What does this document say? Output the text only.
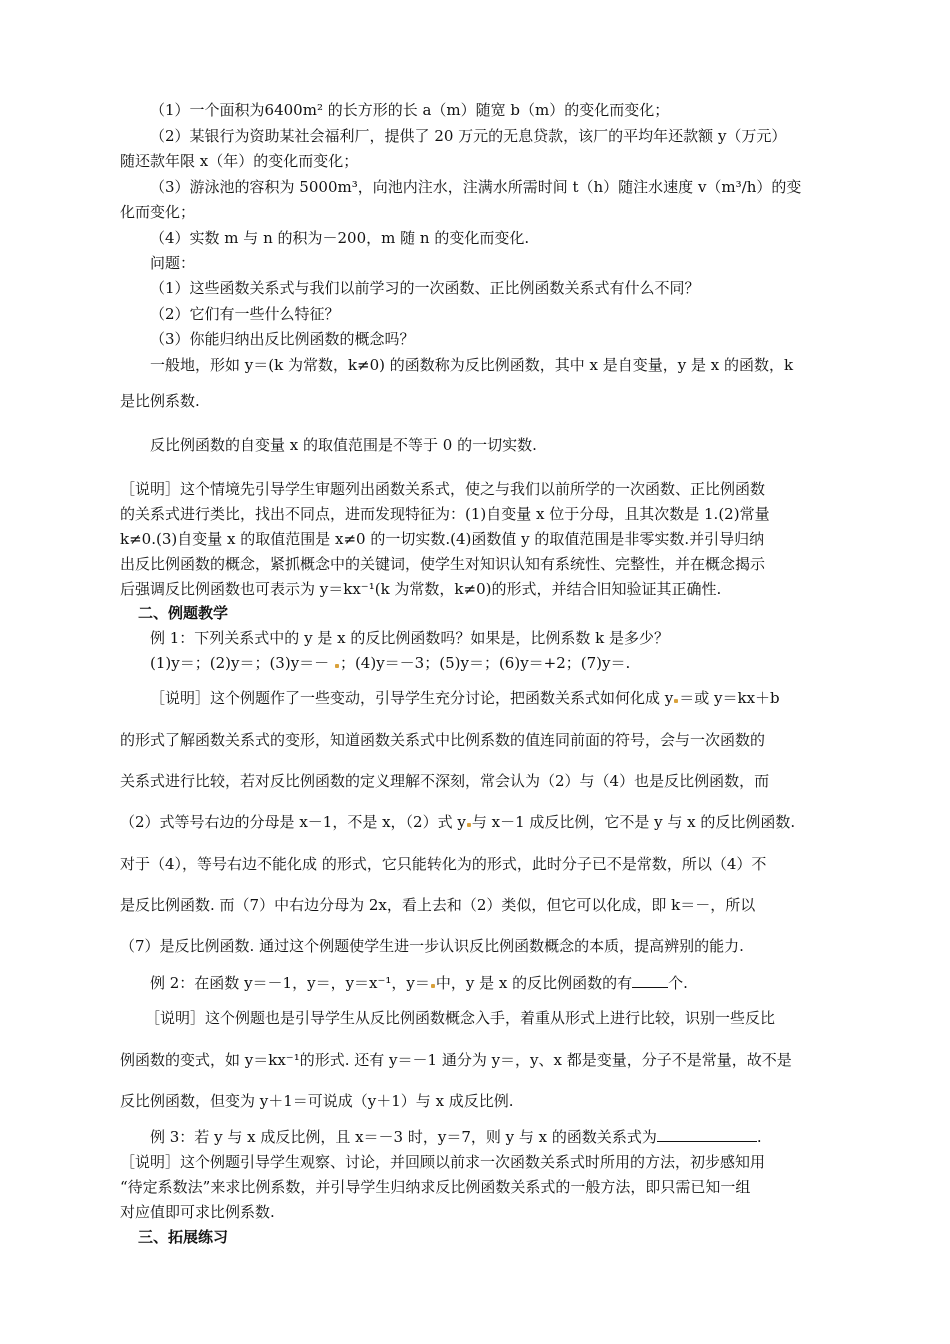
（1）一个面积为6400m² 的长方形的长 a（m）随宽 b（m）的变化而变化；
（2）某银行为资助某社会福利厂，提供了 20 万元的无息贷款，该厂的平均年还款额 y（万元）
随还款年限 x（年）的变化而变化；
（3）游泳池的容积为 5000m³，向池内注水，注满水所需时间 t（h）随注水速度 v（m³/h）的变
化而变化；
（4）实数 m 与 n 的积为－200，m 随 n 的变化而变化.
问题：
（1）这些函数关系式与我们以前学习的一次函数、正比例函数关系式有什么不同？
（2）它们有一些什么特征？
（3）你能归纳出反比例函数的概念吗？
一般地，形如 y＝(k 为常数，k≠0) 的函数称为反比例函数，其中 x 是自变量，y 是 x 的函数，k
是比例系数.
反比例函数的自变量 x 的取值范围是不等于 0 的一切实数.
［说明］这个情境先引导学生审题列出函数关系式，使之与我们以前所学的一次函数、正比例函数
的关系式进行类比，找出不同点，进而发现特征为：(1)自变量 x 位于分母，且其次数是 1.(2)常量
k≠0.(3)自变量 x 的取值范围是 x≠0 的一切实数.(4)函数值 y 的取值范围是非零实数.并引导归纳
出反比例函数的概念，紧抓概念中的关键词，使学生对知识认知有系统性、完整性，并在概念揭示
后强调反比例函数也可表示为 y＝kx⁻¹(k 为常数，k≠0)的形式，并结合旧知验证其正确性.
二、例题教学
例 1：下列关系式中的 y 是 x 的反比例函数吗？如果是，比例系数 k 是多少？
(1)y＝；(2)y＝；(3)y＝－ ；(4)y＝－3；(5)y＝；(6)y＝+2；(7)y＝.
［说明］这个例题作了一些变动，引导学生充分讨论，把函数关系式如何化成 y ＝或 y＝kx＋b
的形式了解函数关系式的变形，知道函数关系式中比例系数的值连同前面的符号，会与一次函数的
关系式进行比较，若对反比例函数的定义理解不深刻，常会认为（2）与（4）也是反比例函数，而
（2）式等号右边的分母是 x－1，不是 x，（2）式 y 与 x－1 成反比例，它不是 y 与 x 的反比例函数.
对于（4），等号右边不能化成 的形式，它只能转化为的形式，此时分子已不是常数，所以（4）不
是反比例函数. 而（7）中右边分母为 2x，看上去和（2）类似，但它可以化成，即 k＝－，所以
（7）是反比例函数. 通过这个例题使学生进一步认识反比例函数概念的本质，提高辨别的能力.
例 2：在函数 y＝－1，y＝，y＝x⁻¹，y＝ 中，y 是 x 的反比例函数的有 个.
［说明］这个例题也是引导学生从反比例函数概念入手，着重从形式上进行比较，识别一些反比
例函数的变式，如 y＝kx⁻¹的形式. 还有 y＝－1 通分为 y＝，y、x 都是变量，分子不是常量，故不是
反比例函数，但变为 y＋1＝可说成（y＋1）与 x 成反比例.
例 3：若 y 与 x 成反比例，且 x＝－3 时，y＝7，则 y 与 x 的函数关系式为	.
［说明］这个例题引导学生观察、讨论，并回顾以前求一次函数关系式时所用的方法，初步感知用
“待定系数法”来求比例系数，并引导学生归纳求反比例函数关系式的一般方法，即只需已知一组
对应值即可求比例系数.
三、拓展练习
